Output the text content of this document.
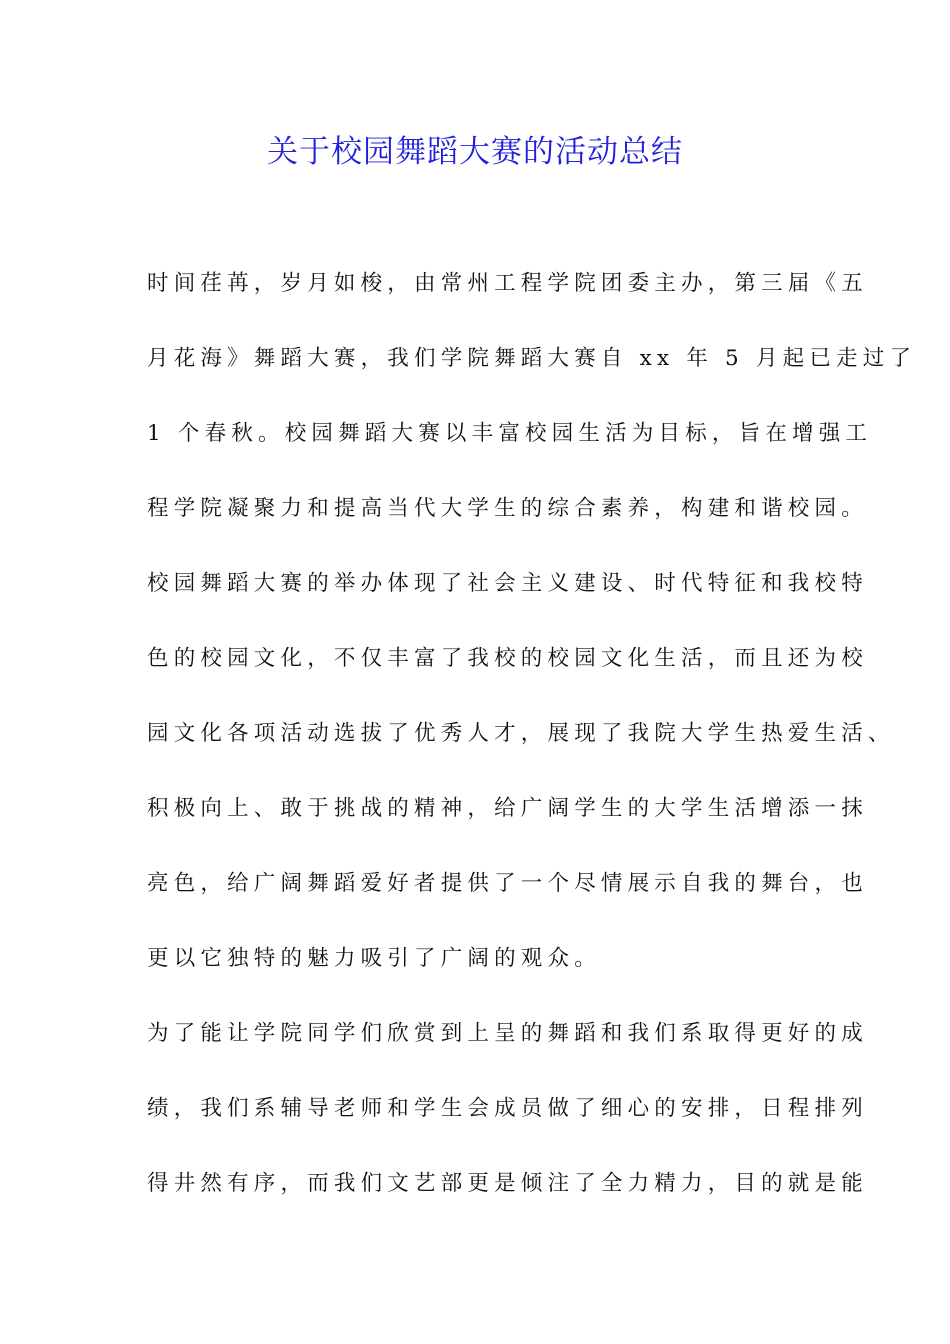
关于校园舞蹈大赛的活动总结
时间荏苒，岁月如梭，由常州工程学院团委主办，第三届《五
月花海》舞蹈大赛，我们学院舞蹈大赛自 xx 年 5 月起已走过了
1 个春秋。校园舞蹈大赛以丰富校园生活为目标，旨在增强工
程学院凝聚力和提高当代大学生的综合素养，构建和谐校园。
校园舞蹈大赛的举办体现了社会主义建设、时代特征和我校特
色的校园文化，不仅丰富了我校的校园文化生活，而且还为校
园文化各项活动选拔了优秀人才，展现了我院大学生热爱生活、
积极向上、敢于挑战的精神，给广阔学生的大学生活增添一抹
亮色，给广阔舞蹈爱好者提供了一个尽情展示自我的舞台，也
更以它独特的魅力吸引了广阔的观众。
为了能让学院同学们欣赏到上呈的舞蹈和我们系取得更好的成
绩，我们系辅导老师和学生会成员做了细心的安排，日程排列
得井然有序，而我们文艺部更是倾注了全力精力，目的就是能
